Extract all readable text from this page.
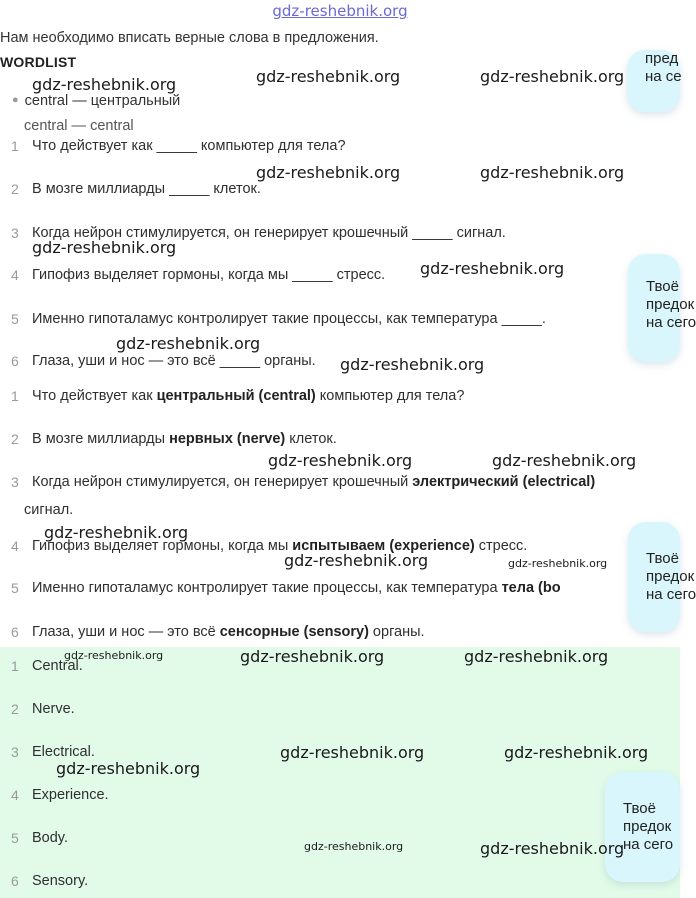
gdz-reshebnik.org
Нам необходимо вписать верные слова в предложения.
WORDLIST
● central — центральный
central — central
1 Что действует как _____ компьютер для тела?
2 В мозге миллиарды _____ клеток.
3 Когда нейрон стимулируется, он генерирует крошечный _____ сигнал.
4 Гипофиз выделяет гормоны, когда мы _____ стресс.
5 Именно гипоталамус контролирует такие процессы, как температура _____.
6 Глаза, уши и нос — это всё _____ органы.
1 Что действует как центральный (central) компьютер для тела?
2 В мозге миллиарды нервных (nerve) клеток.
3 Когда нейрон стимулируется, он генерирует крошечный электрический (electrical)
сигнал.
4 Гипофиз выделяет гормоны, когда мы испытываем (experience) стресс.
5 Именно гипоталамус контролирует такие процессы, как температура тела (bo
6 Глаза, уши и нос — это всё сенсорные (sensory) органы.
1 Central.
2 Nerve.
3 Electrical.
4 Experience.
5 Body.
6 Sensory.
пред
на се
Твоё
предок
на сего
Твоё
предок
на сего
Твоё
предок
на сего
gdz-reshebnik.org	gdz-reshebnik.org	gdz-reshebnik.org
gdz-reshebnik.org	gdz-reshebnik.org
gdz-reshebnik.org
gdz-reshebnik.org
gdz-reshebnik.org
gdz-reshebnik.org
gdz-reshebnik.org	gdz-reshebnik.org
gdz-reshebnik.org
gdz-reshebnik.org	gdz-reshebnik.org
gdz-reshebnik.org	gdz-reshebnik.org	gdz-reshebnik.org
gdz-reshebnik.org	gdz-reshebnik.org
gdz-reshebnik.org
gdz-reshebnik.org	gdz-reshebnik.org
